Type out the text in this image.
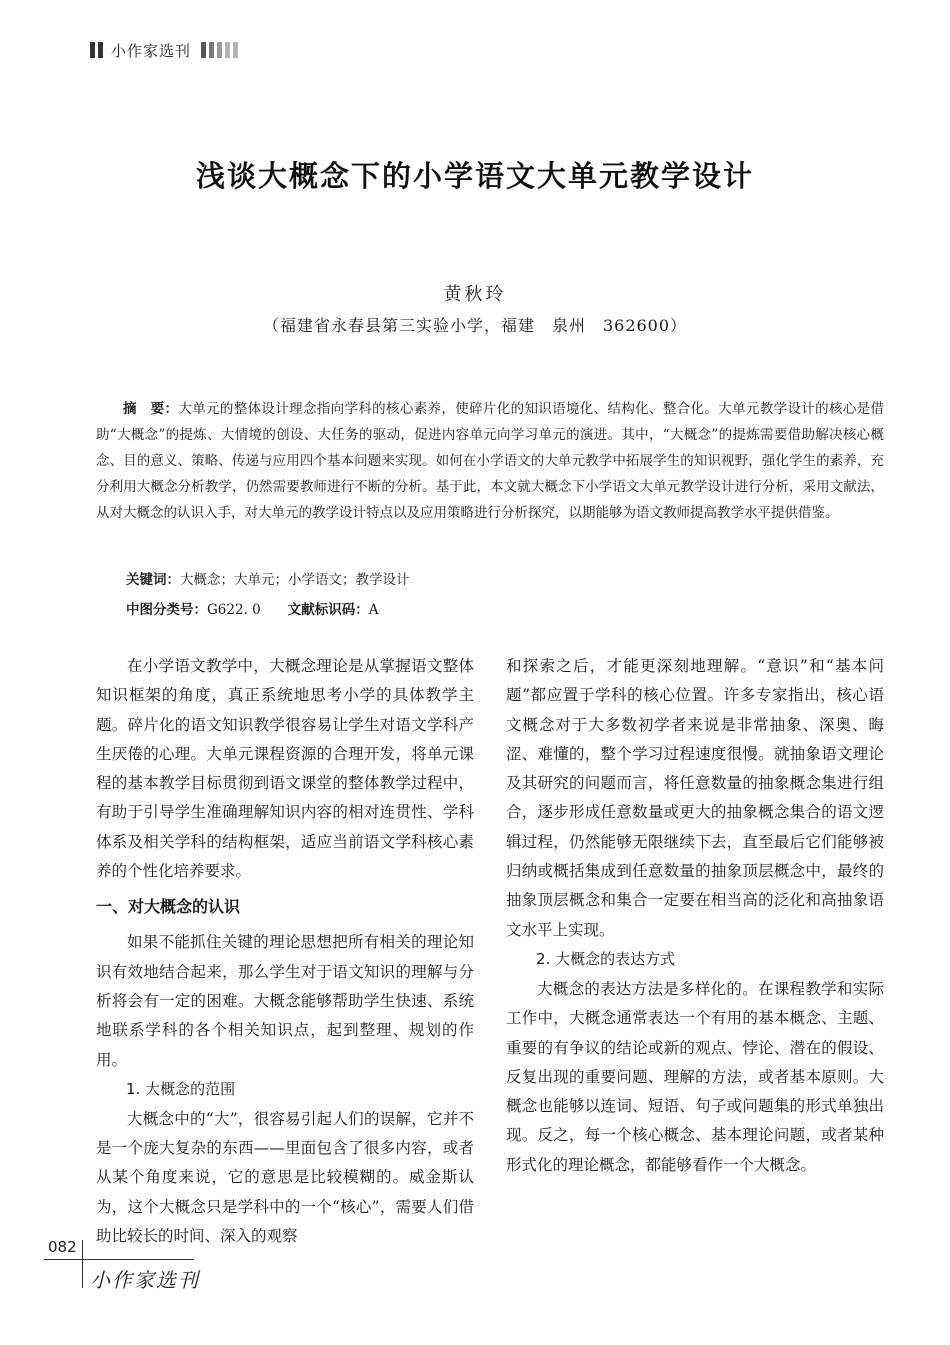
小作家选刊
浅谈大概念下的小学语文大单元教学设计
黄秋玲
（福建省永春县第三实验小学，福建　泉州　362600）

摘　要：大单元的整体设计理念指向学科的核心素养，使碎片化的知识语境化、结构化、整合化。大单元教学设计的核心是借助“大概念”的提炼、大情境的创设、大任务的驱动，促进内容单元向学习单元的演进。其中，“大概念”的提炼需要借助解决核心概念、目的意义、策略、传递与应用四个基本问题来实现。如何在小学语文的大单元教学中拓展学生的知识视野，强化学生的素养，充分利用大概念分析教学，仍然需要教师进行不断的分析。基于此，本文就大概念下小学语文大单元教学设计进行分析，采用文献法，从对大概念的认识入手，对大单元的教学设计特点以及应用策略进行分析探究，以期能够为语文教师提高教学水平提供借鉴。

关键词：大概念；大单元；小学语文；教学设计
中图分类号：G622. 0　　 文献标识码：A

在小学语文教学中，大概念理论是从掌握语文整体知识框架的角度，真正系统地思考小学的具体教学主题。碎片化的语文知识教学很容易让学生对语文学科产生厌倦的心理。大单元课程资源的合理开发，将单元课程的基本教学目标贯彻到语文课堂的整体教学过程中，有助于引导学生准确理解知识内容的相对连贯性、学科体系及相关学科的结构框架，适应当前语文学科核心素养的个性化培养要求。

一、对大概念的认识

如果不能抓住关键的理论思想把所有相关的理论知识有效地结合起来，那么学生对于语文知识的理解与分析将会有一定的困难。大概念能够帮助学生快速、系统地联系学科的各个相关知识点，起到整理、规划的作用。

1. 大概念的范围

大概念中的“大”，很容易引起人们的误解，它并不是一个庞大复杂的东西——里面包含了很多内容，或者从某个角度来说，它的意思是比较模糊的。威金斯认为，这个大概念只是学科中的一个“核心”，需要人们借助比较长的时间、深入的观察

和探索之后，才能更深刻地理解。“意识”和“基本问题”都应置于学科的核心位置。许多专家指出，核心语文概念对于大多数初学者来说是非常抽象、深奥、晦涩、难懂的，整个学习过程速度很慢。就抽象语文理论及其研究的问题而言，将任意数量的抽象概念集进行组合，逐步形成任意数量或更大的抽象概念集合的语文逻辑过程，仍然能够无限继续下去，直至最后它们能够被归纳或概括集成到任意数量的抽象顶层概念中，最终的抽象顶层概念和集合一定要在相当高的泛化和高抽象语文水平上实现。

2. 大概念的表达方式

大概念的表达方法是多样化的。在课程教学和实际工作中，大概念通常表达一个有用的基本概念、主题、重要的有争议的结论或新的观点、悖论、潜在的假设、反复出现的重要问题、理解的方法，或者基本原则。大概念也能够以连词、短语、句子或问题集的形式单独出现。反之，每一个核心概念、基本理论问题，或者某种形式化的理论概念，都能够看作一个大概念。

082
小作家选刊
